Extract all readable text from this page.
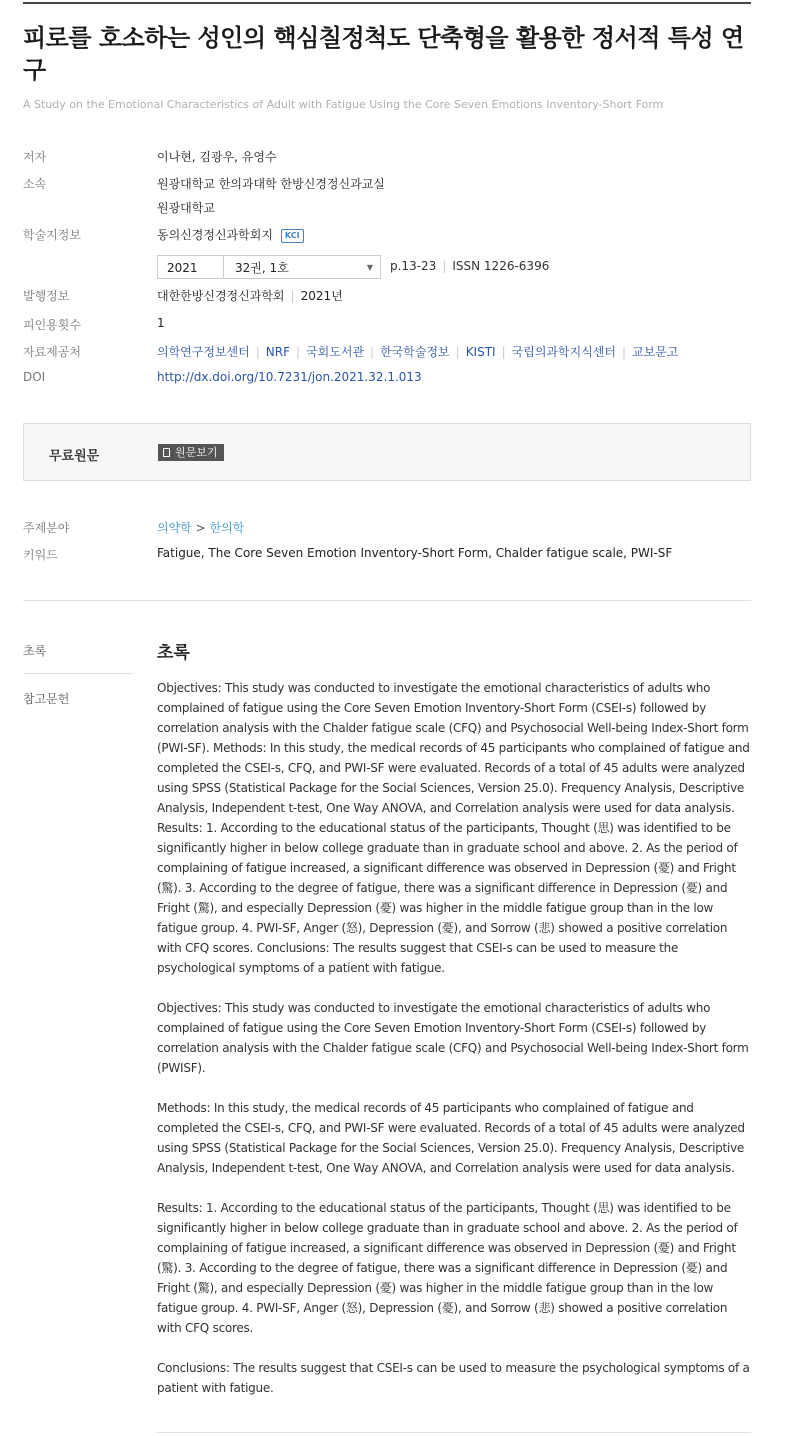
피로를 호소하는 성인의 핵심칠정척도 단축형을 활용한 정서적 특성 연구
A Study on the Emotional Characteristics of Adult with Fatigue Using the Core Seven Emotions Inventory-Short Form
저자	이나현, 김광우, 유영수
소속	원광대학교 한의과대학 한방신경정신과교실
원광대학교
학술지정보	동의신경정신과학회지 KCI
2021	32권, 1호	▼ p.13-23 | ISSN 1226-6396
발행정보	대한한방신경정신과학회 | 2021년
피인용횟수	1
자료제공처	의학연구정보센터 | NRF | 국회도서관 | 한국학술정보 | KISTI | 국립의과학지식센터 | 교보문고
DOI	http://dx.doi.org/10.7231/jon.2021.32.1.013
무료원문	원문보기
주제분야	의약학 > 한의학
키워드	Fatigue, The Core Seven Emotion Inventory-Short Form, Chalder fatigue scale, PWI-SF
초록
참고문헌
초록

Objectives: This study was conducted to investigate the emotional characteristics of adults who complained of fatigue using the Core Seven Emotion Inventory-Short Form (CSEI-s) followed by correlation analysis with the Chalder fatigue scale (CFQ) and Psychosocial Well-being Index-Short form (PWI-SF). Methods: In this study, the medical records of 45 participants who complained of fatigue and completed the CSEI-s, CFQ, and PWI-SF were evaluated. Records of a total of 45 adults were analyzed using SPSS (Statistical Package for the Social Sciences, Version 25.0). Frequency Analysis, Descriptive Analysis, Independent t-test, One Way ANOVA, and Correlation analysis were used for data analysis. Results: 1. According to the educational status of the participants, Thought (思) was identified to be significantly higher in below college graduate than in graduate school and above. 2. As the period of complaining of fatigue increased, a significant difference was observed in Depression (憂) and Fright (驚). 3. According to the degree of fatigue, there was a significant difference in Depression (憂) and Fright (驚), and especially Depression (憂) was higher in the middle fatigue group than in the low fatigue group. 4. PWI-SF, Anger (怒), Depression (憂), and Sorrow (悲) showed a positive correlation with CFQ scores. Conclusions: The results suggest that CSEI-s can be used to measure the psychological symptoms of a patient with fatigue.

Objectives: This study was conducted to investigate the emotional characteristics of adults who complained of fatigue using the Core Seven Emotion Inventory-Short Form (CSEI-s) followed by correlation analysis with the Chalder fatigue scale (CFQ) and Psychosocial Well-being Index-Short form (PWISF).

Methods: In this study, the medical records of 45 participants who complained of fatigue and completed the CSEI-s, CFQ, and PWI-SF were evaluated. Records of a total of 45 adults were analyzed using SPSS (Statistical Package for the Social Sciences, Version 25.0). Frequency Analysis, Descriptive Analysis, Independent t-test, One Way ANOVA, and Correlation analysis were used for data analysis.

Results: 1. According to the educational status of the participants, Thought (思) was identified to be significantly higher in below college graduate than in graduate school and above. 2. As the period of complaining of fatigue increased, a significant difference was observed in Depression (憂) and Fright (驚). 3. According to the degree of fatigue, there was a significant difference in Depression (憂) and Fright (驚), and especially Depression (憂) was higher in the middle fatigue group than in the low fatigue group. 4. PWI-SF, Anger (怒), Depression (憂), and Sorrow (悲) showed a positive correlation with CFQ scores.

Conclusions: The results suggest that CSEI-s can be used to measure the psychological symptoms of a patient with fatigue.
